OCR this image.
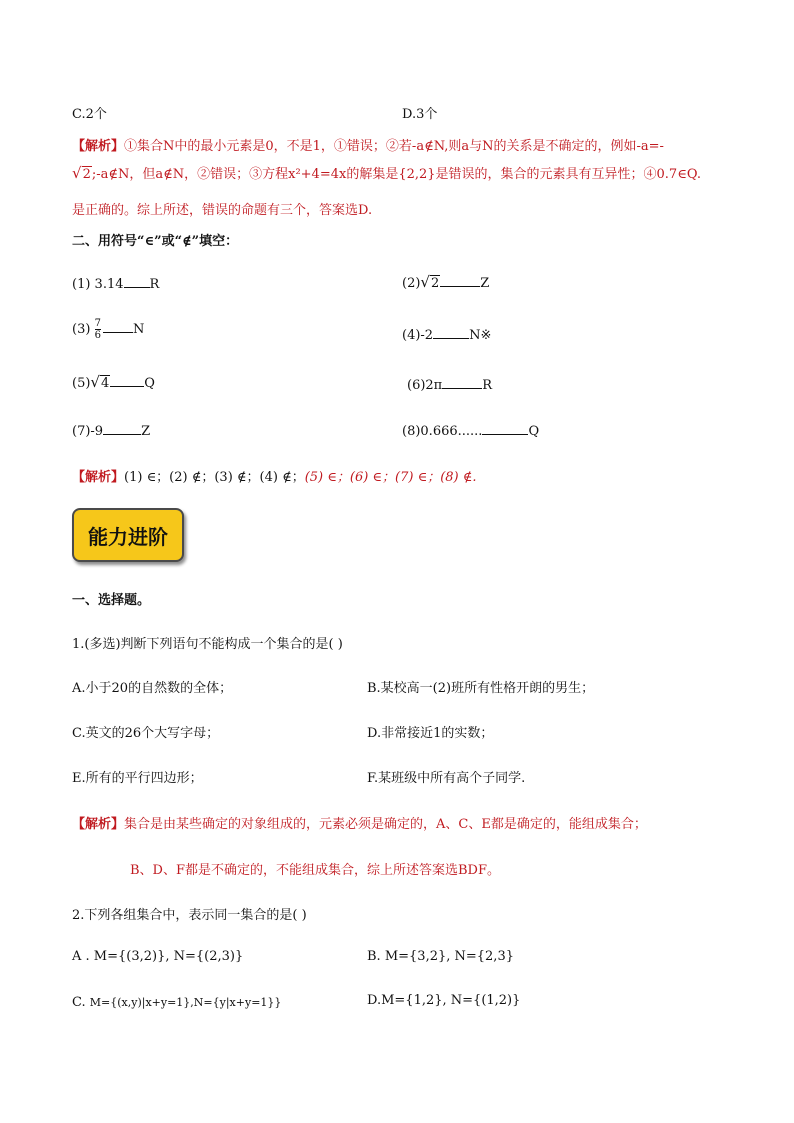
C.2个	D.3个
【解析】①集合N中的最小元素是0，不是1，①错误；②若-a∉N,则a与N的关系是不确定的，例如-a=-
√2;-a∉N，但a∉N，②错误；③方程x²+4=4x的解集是{2,2}是错误的，集合的元素具有互异性；④0.7∈Q.
是正确的。综上所述，错误的命题有三个，答案选D.
二、用符号“∈”或“∉”填空：
(1) 3.14 R	(2)√2	Z
$(3) \frac{7}{6}$ N	(4)-2	N※
(5)√4	Q	(6)2π	R
(7)-9	Z	(8)0.666......	Q
【解析】(1) ∈；(2) ∉；(3) ∉；(4) ∉；(5) ∈；(6) ∈；(7) ∈；(8) ∉.
能力进阶
一、选择题。
1.(多选)判断下列语句不能构成一个集合的是( )
A.小于20的自然数的全体；	B.某校高一(2)班所有性格开朗的男生；
C.英文的26个大写字母；	D.非常接近1的实数；
E.所有的平行四边形；	F.某班级中所有高个子同学.
【解析】集合是由某些确定的对象组成的，元素必须是确定的，A、C、E都是确定的，能组成集合；
B、D、F都是不确定的，不能组成集合，综上所述答案选BDF。
2.下列各组集合中，表示同一集合的是( )
A . M={(3,2)}, N={(2,3)}	B. M={3,2}, N={2,3}
C. M={(x,y)|x+y=1},N={y|x+y=1}}	D.M={1,2}, N={(1,2)}
